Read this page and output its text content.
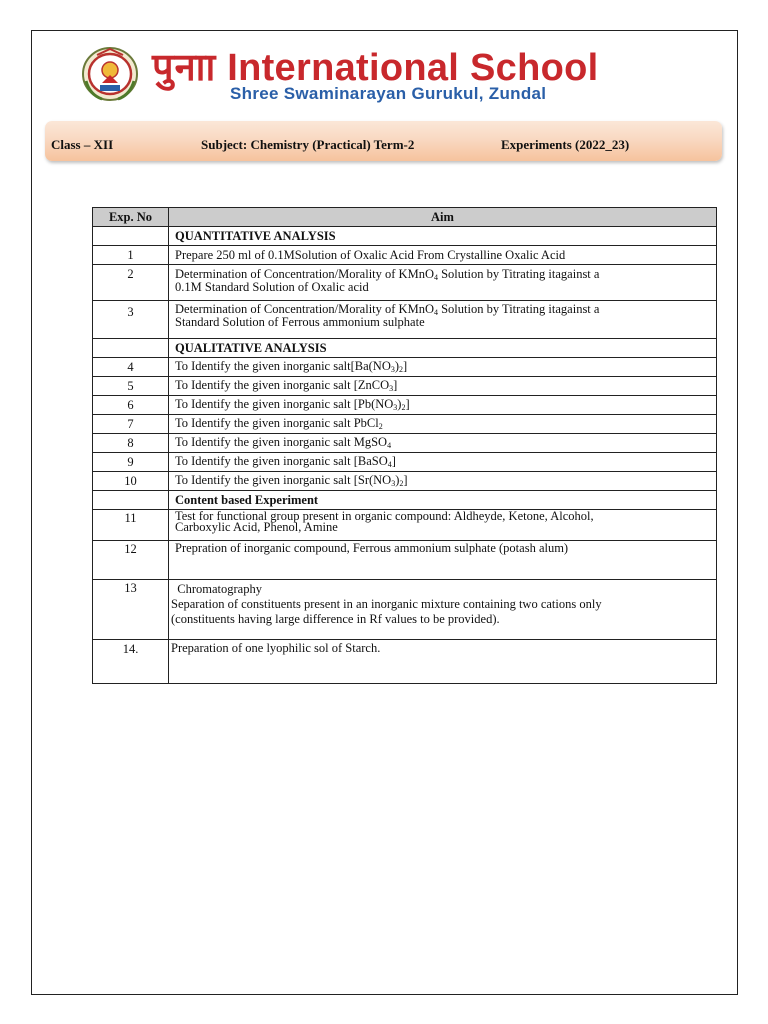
पुनाा International School
Shree Swaminarayan Gurukul, Zundal
Class – XII	Subject: Chemistry (Practical) Term-2	Experiments (2022_23)
Exp. No	Aim
	QUANTITATIVE ANALYSIS
1	Prepare 250 ml of 0.1MSolution of Oxalic Acid From Crystalline Oxalic Acid
2	Determination of Concentration/Morality of KMnO$_4$ Solution by Titrating itagainst a
0.1M Standard Solution of Oxalic acid
3	Determination of Concentration/Morality of KMnO$_4$ Solution by Titrating itagainst a
Standard Solution of Ferrous ammonium sulphate
	QUALITATIVE ANALYSIS
4	To Identify the given inorganic $salt[Ba(NO_3)_2]$
5	To Identify the given inorganic salt [ZnCO$_3$]
6	To Identify the given inorganic salt $[Pb(NO_3)_2]$
7	To Identify the given inorganic salt PbCl$_2$
8	To Identify the given inorganic salt MgSO$_4$
9	To Identify the given inorganic salt [BaSO$_4$]
10	To Identify the given inorganic salt $[Sr(NO_3)_2]$
	Content based Experiment
11	Test for functional group present in organic compound: Aldheyde, Ketone, Alcohol,
Carboxylic Acid, Phenol, Amine
12	Prepration of inorganic compound, Ferrous ammonium sulphate (potash alum)
13	Chromatography
Separation of constituents present in an inorganic mixture containing two cations only
(constituents having large difference in Rf values to be provided).
14.	Preparation of one lyophilic sol of Starch.
